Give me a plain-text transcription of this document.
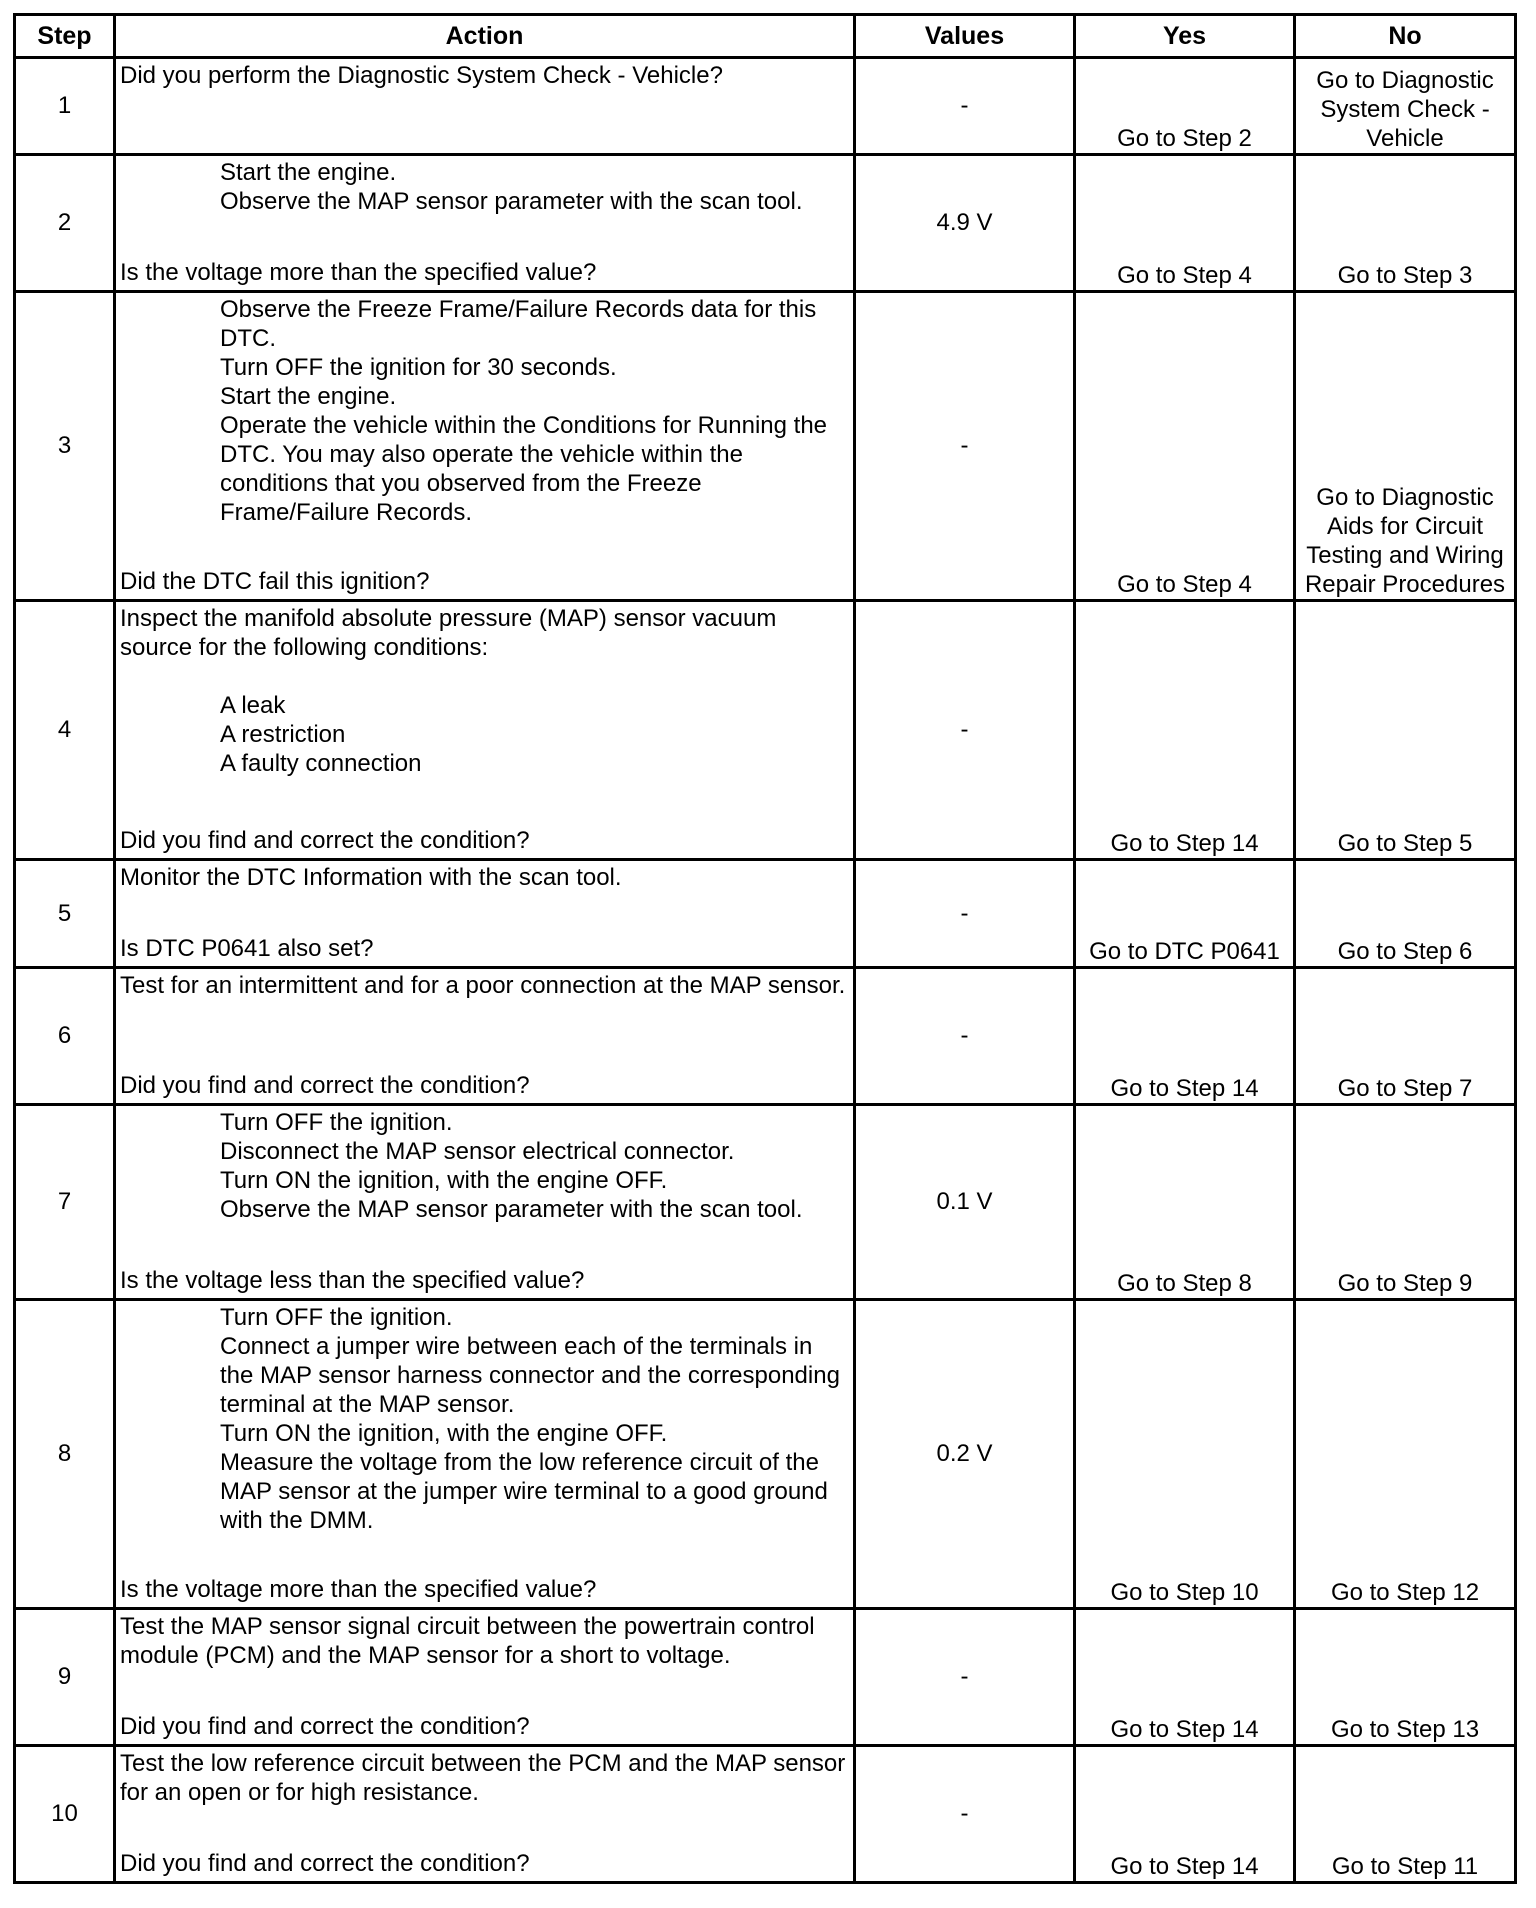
Step	Action	Values	Yes	No
1	Did you perform the Diagnostic System Check - Vehicle?	-	Go to Step 2	Go to Diagnostic System Check - Vehicle
2	Start the engine.
Observe the MAP sensor parameter with the scan tool.
Is the voltage more than the specified value?	4.9 V	Go to Step 4	Go to Step 3
3	Observe the Freeze Frame/Failure Records data for this DTC.
Turn OFF the ignition for 30 seconds.
Start the engine.
Operate the vehicle within the Conditions for Running the DTC. You may also operate the vehicle within the conditions that you observed from the Freeze Frame/Failure Records.
Did the DTC fail this ignition?	-	Go to Step 4	Go to Diagnostic Aids for Circuit Testing and Wiring Repair Procedures
4	Inspect the manifold absolute pressure (MAP) sensor vacuum source for the following conditions:
A leak
A restriction
A faulty connection
Did you find and correct the condition?	-	Go to Step 14	Go to Step 5
5	Monitor the DTC Information with the scan tool.
Is DTC P0641 also set?	-	Go to DTC P0641	Go to Step 6
6	Test for an intermittent and for a poor connection at the MAP sensor.
Did you find and correct the condition?	-	Go to Step 14	Go to Step 7
7	Turn OFF the ignition.
Disconnect the MAP sensor electrical connector.
Turn ON the ignition, with the engine OFF.
Observe the MAP sensor parameter with the scan tool.
Is the voltage less than the specified value?	0.1 V	Go to Step 8	Go to Step 9
8	Turn OFF the ignition.
Connect a jumper wire between each of the terminals in the MAP sensor harness connector and the corresponding terminal at the MAP sensor.
Turn ON the ignition, with the engine OFF.
Measure the voltage from the low reference circuit of the MAP sensor at the jumper wire terminal to a good ground with the DMM.
Is the voltage more than the specified value?	0.2 V	Go to Step 10	Go to Step 12
9	Test the MAP sensor signal circuit between the powertrain control module (PCM) and the MAP sensor for a short to voltage.
Did you find and correct the condition?	-	Go to Step 14	Go to Step 13
10	Test the low reference circuit between the PCM and the MAP sensor for an open or for high resistance.
Did you find and correct the condition?	-	Go to Step 14	Go to Step 11
